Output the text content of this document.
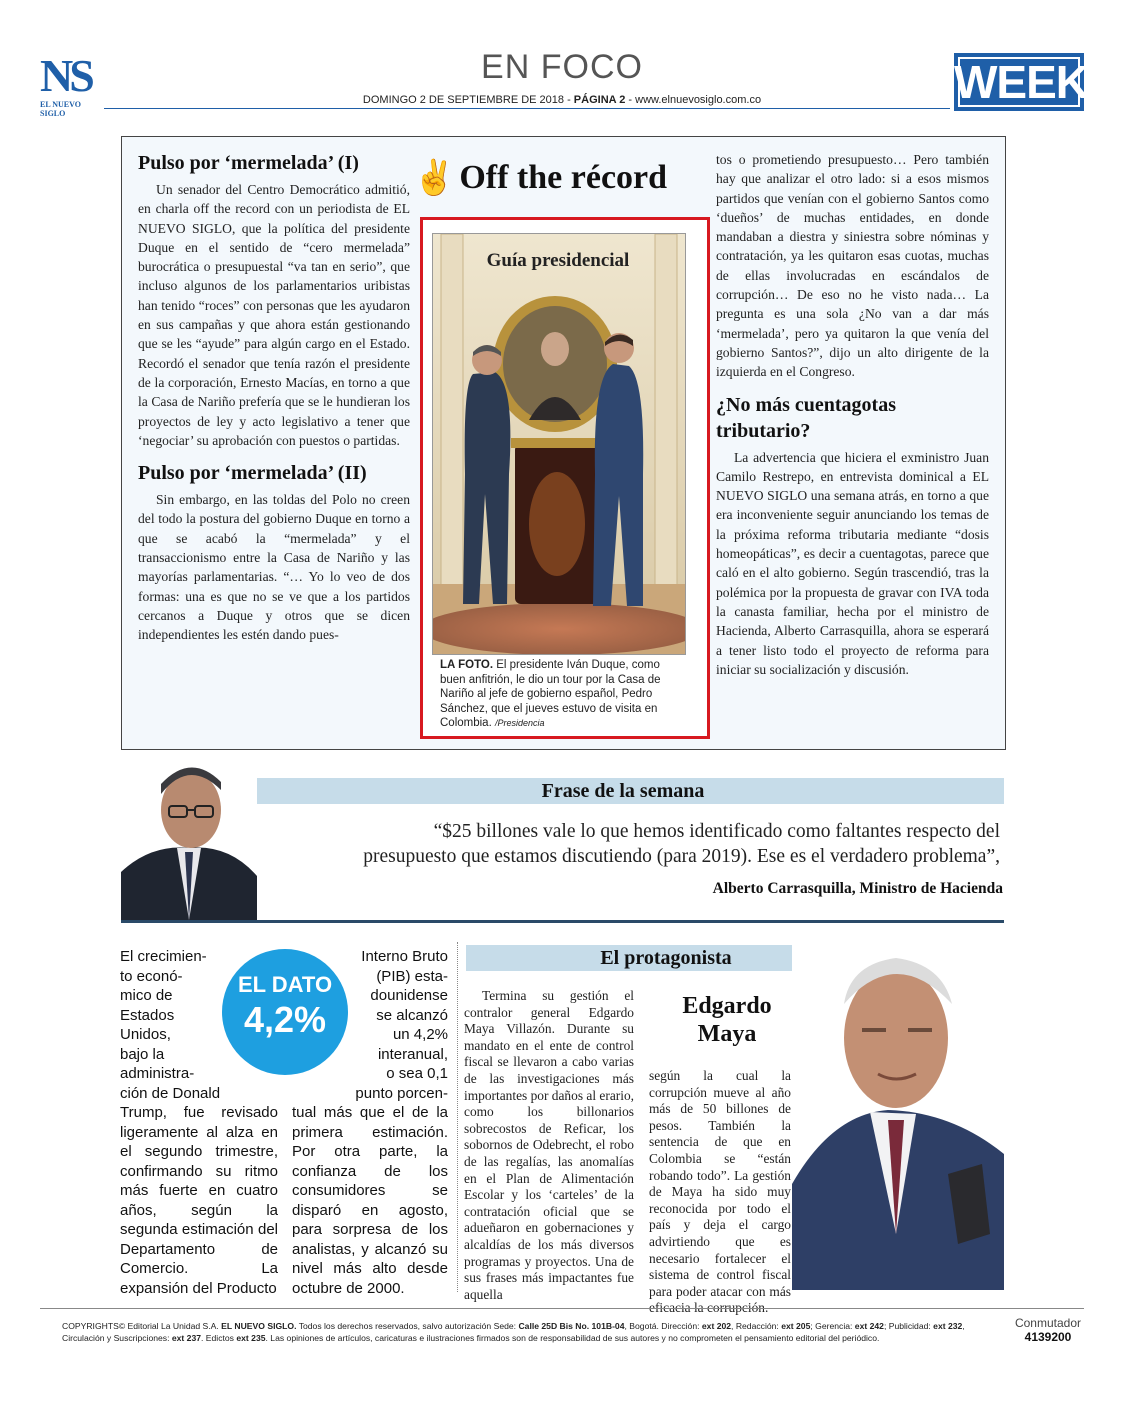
NS
EL NUEVO SIGLO
EN FOCO
DOMINGO 2 DE SEPTIEMBRE DE 2018 - PÁGINA 2 - www.elnuevosiglo.com.co	WEEK
Pulso por ‘mermelada’ (I)

Un senador del Centro Democrático admitió, en charla off the record con un periodista de EL NUEVO SIGLO, que la política del presidente Duque en el sentido de “cero mermelada” burocrática o presupuestal “va tan en serio”, que incluso algunos de los parlamentarios uribistas han tenido “roces” con personas que les ayudaron en sus campañas y que ahora están gestionando que se les “ayude” para algún cargo en el Estado. Recordó el senador que tenía razón el presidente de la corporación, Ernesto Macías, en torno a que la Casa de Nariño prefería que se le hundieran los proyectos de ley y acto legislativo a tener que ‘negociar’ su aprobación con puestos o partidas.

Pulso por ‘mermelada’ (II)

Sin embargo, en las toldas del Polo no creen del todo la postura del gobierno Duque en torno a que se acabó la “mermelada” y el transaccionismo entre la Casa de Nariño y las mayorías parlamentarias. “… Yo lo veo de dos formas: una es que no se ve que a los partidos cercanos a Duque y otros que se dicen independientes les estén dando pues-

✌ Off the récord
Guía presidencial
LA FOTO. El presidente Iván Duque, como buen anfitrión, le dio un tour por la Casa de Nariño al jefe de gobierno español, Pedro Sánchez, que el jueves estuvo de visita en Colombia. /Presidencia

tos o prometiendo presupuesto… Pero también hay que analizar el otro lado: si a esos mismos partidos que venían con el gobierno Santos como ‘dueños’ de muchas entidades, en donde mandaban a diestra y siniestra sobre nóminas y contratación, ya les quitaron esas cuotas, muchas de ellas involucradas en escándalos de corrupción… De eso no he visto nada… La pregunta es una sola ¿No van a dar más ‘mermelada’, pero ya quitaron la que venía del gobierno Santos?”, dijo un alto dirigente de la izquierda en el Congreso.

¿No más cuentagotas tributario?

La advertencia que hiciera el exministro Juan Camilo Restrepo, en entrevista dominical a EL NUEVO SIGLO una semana atrás, en torno a que era inconveniente seguir anunciando los temas de la próxima reforma tributaria mediante “dosis homeopáticas”, es decir a cuentagotas, parece que caló en el alto gobierno. Según trascendió, tras la polémica por la propuesta de gravar con IVA toda la canasta familiar, hecha por el ministro de Hacienda, Alberto Carrasquilla, ahora se esperará a tener listo todo el proyecto de reforma para iniciar su socialización y discusión.

Frase de la semana
“$25 billones vale lo que hemos identificado como faltantes respecto del
presupuesto que estamos discutiendo (para 2019). Ese es el verdadero problema”,
Alberto Carrasquilla, Ministro de Hacienda
El crecimien-
to econó-
mico de
Estados
Unidos,
bajo la
administra-
ción de Donald
EL DATO
4,2%
Interno Bruto
(PIB) esta-
dounidense
se alcanzó
un 4,2%
interanual,
o sea 0,1
punto porcen-
Trump, fue revisado ligeramente al alza en el segundo trimestre, confirmando su ritmo más fuerte en cuatro años, según la segunda estimación del Departamento de Comercio. La expansión del Producto
tual más que el de la primera estimación. Por otra parte, la confianza de los consumidores se disparó en agosto, para sorpresa de los analistas, y alcanzó su nivel más alto desde octubre de 2000.
El protagonista
Termina su gestión el contralor general Edgardo Maya Villazón. Durante su mandato en el ente de control fiscal se llevaron a cabo varias de las investigaciones más importantes por daños al erario, como los billonarios sobrecostos de Reficar, los sobornos de Odebrecht, el robo de las regalías, las anomalías en el Plan de Alimentación Escolar y los ‘carteles’ de la contratación oficial que se adueñaron en gobernaciones y alcaldías de los más diversos programas y proyectos. Una de sus frases más impactantes fue aquella
Edgardo
Maya
según la cual la corrupción mueve al año más de 50 billones de pesos. También la sentencia de que en Colombia se “están robando todo”. La gestión de Maya ha sido muy reconocida por todo el país y deja el cargo advirtiendo que es necesario fortalecer el sistema de control fiscal para poder atacar con más eficacia la corrupción.
COPYRIGHTS© Editorial La Unidad S.A. EL NUEVO SIGLO. Todos los derechos reservados, salvo autorización Sede: Calle 25D Bis No. 101B-04, Bogotá. Dirección: ext 202, Redacción: ext 205; Gerencia: ext 242; Publicidad: ext 232, Circulación y Suscripciones: ext 237. Edictos ext 235. Las opiniones de artículos, caricaturas e ilustraciones firmados son de responsabilidad de sus autores y no comprometen el pensamiento editorial del periódico.
Conmutador
4139200
